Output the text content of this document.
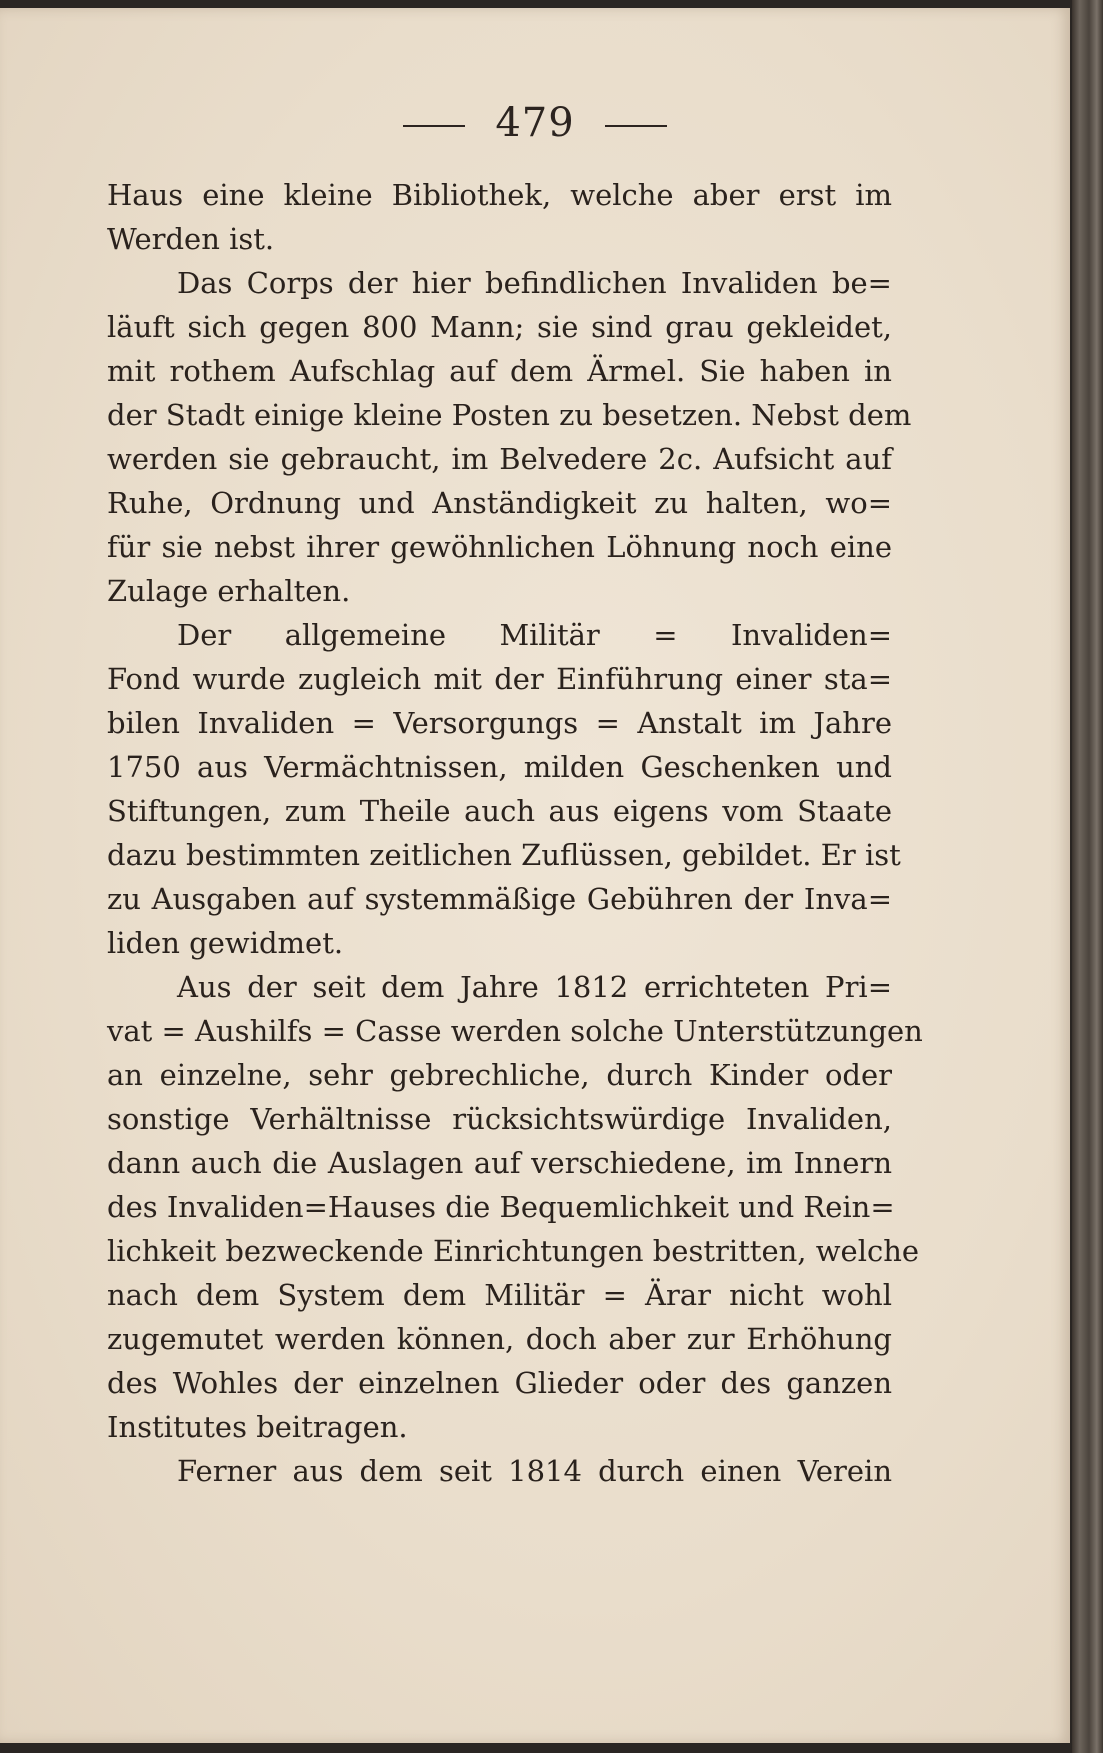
479
Haus eine kleine Bibliothek, welche aber erst im
Werden ist.
Das Corps der hier befindlichen Invaliden be=
läuft sich gegen 800 Mann; sie sind grau gekleidet,
mit rothem Aufschlag auf dem Ärmel. Sie haben in
der Stadt einige kleine Posten zu besetzen. Nebst dem
werden sie gebraucht, im Belvedere 2c. Aufsicht auf
Ruhe, Ordnung und Anständigkeit zu halten, wo=
für sie nebst ihrer gewöhnlichen Löhnung noch eine
Zulage erhalten.
Der allgemeine Militär = Invaliden=
Fond wurde zugleich mit der Einführung einer sta=
bilen Invaliden = Versorgungs = Anstalt im Jahre
1750 aus Vermächtnissen, milden Geschenken und
Stiftungen, zum Theile auch aus eigens vom Staate
dazu bestimmten zeitlichen Zuflüssen, gebildet. Er ist
zu Ausgaben auf systemmäßige Gebühren der Inva=
liden gewidmet.
Aus der seit dem Jahre 1812 errichteten Pri=
vat = Aushilfs = Casse werden solche Unterstützungen
an einzelne, sehr gebrechliche, durch Kinder oder
sonstige Verhältnisse rücksichtswürdige Invaliden,
dann auch die Auslagen auf verschiedene, im Innern
des Invaliden=Hauses die Bequemlichkeit und Rein=
lichkeit bezweckende Einrichtungen bestritten, welche
nach dem System dem Militär = Ärar nicht wohl
zugemutet werden können, doch aber zur Erhöhung
des Wohles der einzelnen Glieder oder des ganzen
Institutes beitragen.
Ferner aus dem seit 1814 durch einen Verein
